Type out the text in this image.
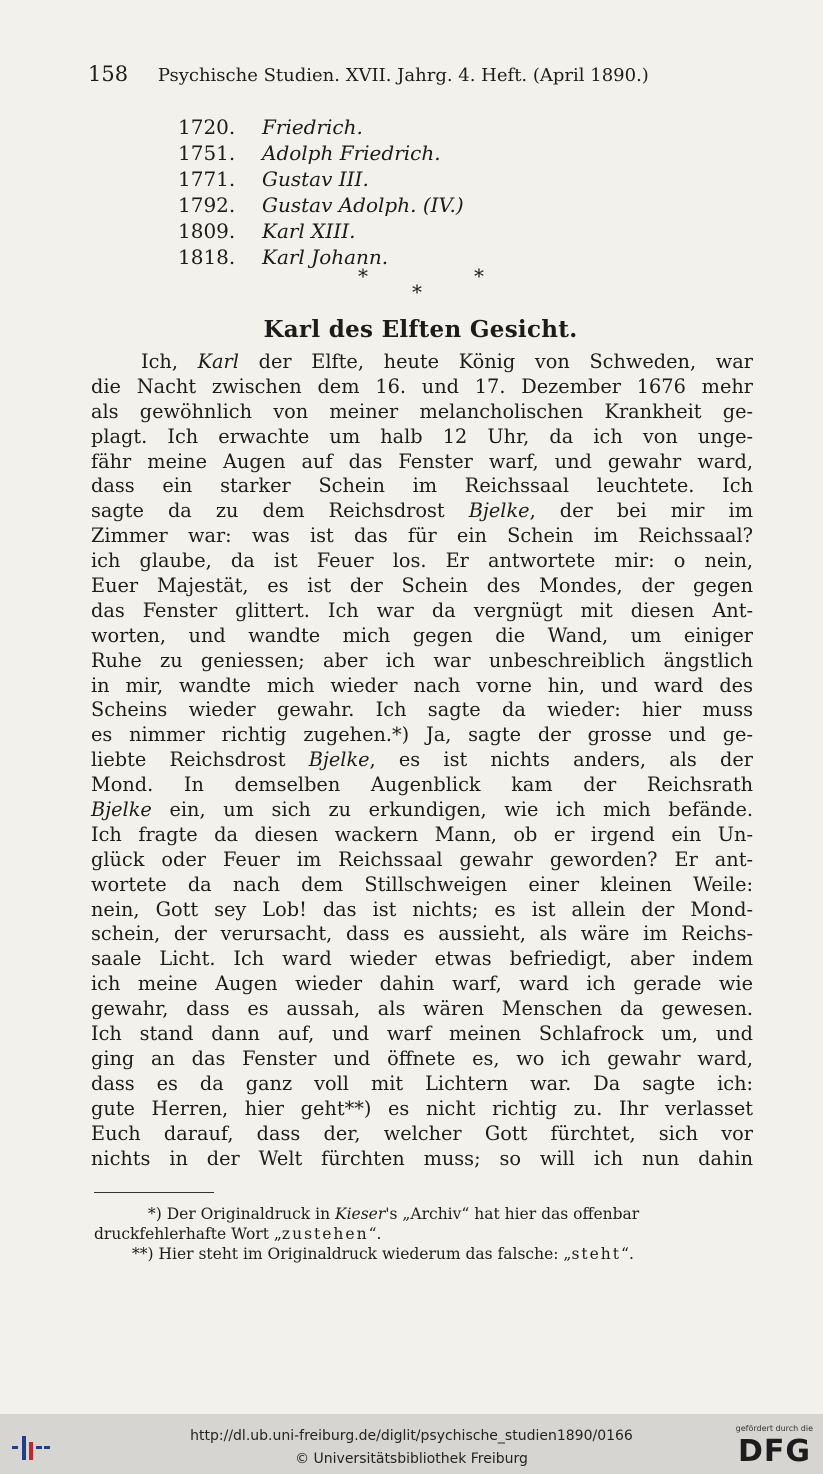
158 Psychische Studien. XVII. Jahrg. 4. Heft. (April 1890.)
1720. Friedrich.
1751. Adolph Friedrich.
1771. Gustav III.
1792. Gustav Adolph. (IV.)
1809. Karl XIII.
1818. Karl Johann.
*
*
*
Karl des Elften Gesicht.
Ich, Karl der Elfte, heute König von Schweden, war
die Nacht zwischen dem 16. und 17. Dezember 1676 mehr
als gewöhnlich von meiner melancholischen Krankheit ge-
plagt. Ich erwachte um halb 12 Uhr, da ich von unge-
fähr meine Augen auf das Fenster warf, und gewahr ward,
dass ein starker Schein im Reichssaal leuchtete. Ich
sagte da zu dem Reichsdrost Bjelke, der bei mir im
Zimmer war: was ist das für ein Schein im Reichssaal?
ich glaube, da ist Feuer los. Er antwortete mir: o nein,
Euer Majestät, es ist der Schein des Mondes, der gegen
das Fenster glittert. Ich war da vergnügt mit diesen Ant-
worten, und wandte mich gegen die Wand, um einiger
Ruhe zu geniessen; aber ich war unbeschreiblich ängstlich
in mir, wandte mich wieder nach vorne hin, und ward des
Scheins wieder gewahr. Ich sagte da wieder: hier muss
es nimmer richtig zugehen.*) Ja, sagte der grosse und ge-
liebte Reichsdrost Bjelke, es ist nichts anders, als der
Mond. In demselben Augenblick kam der Reichsrath
Bjelke ein, um sich zu erkundigen, wie ich mich befände.
Ich fragte da diesen wackern Mann, ob er irgend ein Un-
glück oder Feuer im Reichssaal gewahr geworden? Er ant-
wortete da nach dem Stillschweigen einer kleinen Weile:
nein, Gott sey Lob! das ist nichts; es ist allein der Mond-
schein, der verursacht, dass es aussieht, als wäre im Reichs-
saale Licht. Ich ward wieder etwas befriedigt, aber indem
ich meine Augen wieder dahin warf, ward ich gerade wie
gewahr, dass es aussah, als wären Menschen da gewesen.
Ich stand dann auf, und warf meinen Schlafrock um, und
ging an das Fenster und öffnete es, wo ich gewahr ward,
dass es da ganz voll mit Lichtern war. Da sagte ich:
gute Herren, hier geht**) es nicht richtig zu. Ihr verlasset
Euch darauf, dass der, welcher Gott fürchtet, sich vor
nichts in der Welt fürchten muss; so will ich nun dahin
*) Der Originaldruck in Kieser's „Archiv“ hat hier das offenbar
druckfehlerhafte Wort „zustehen“.
**) Hier steht im Originaldruck wiederum das falsche: „steht“.
http://dl.ub.uni-freiburg.de/diglit/psychische_studien1890/0166
© Universitätsbibliothek Freiburg
gefördert durch die
DFG
